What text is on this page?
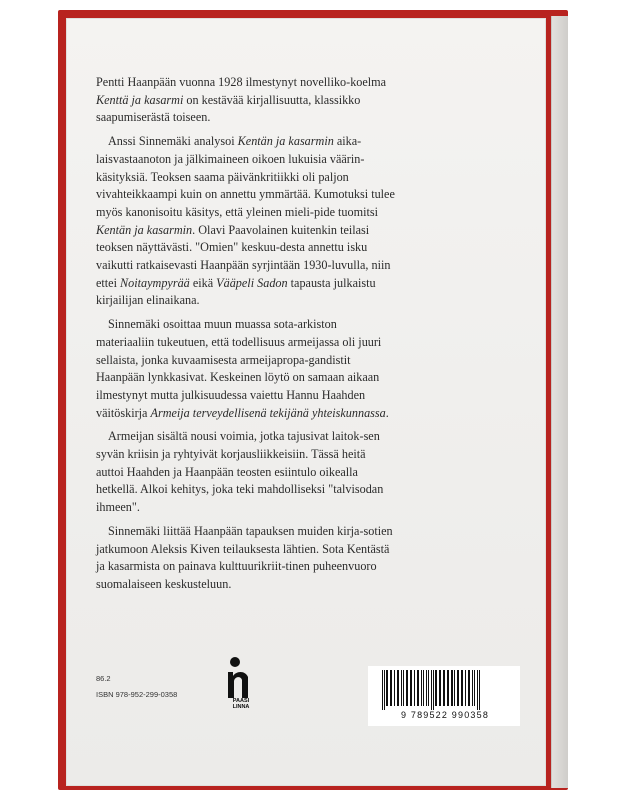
Pentti Haanpään vuonna 1928 ilmestynyt novelliko-koelma Kenttä ja kasarmi on kestävää kirjallisuutta, klassikko saapumiserästä toiseen.

Anssi Sinnemäki analysoi Kentän ja kasarmin aika-laisvastaanoton ja jälkimaineen oikoen lukuisia väärin-käsityksiä. Teoksen saama päivänkritiikki oli paljon vivahteikkaampi kuin on annettu ymmärtää. Kumotuksi tulee myös kanonisoitu käsitys, että yleinen mieli-pide tuomitsi Kentän ja kasarmin. Olavi Paavolainen kuitenkin teilasi teoksen näyttävästi. "Omien" keskuu-desta annettu isku vaikutti ratkaisevasti Haanpään syrjintään 1930-luvulla, niin ettei Noitaympyrää eikä Vääpeli Sadon tapausta julkaistu kirjailijan elinaikana.

Sinnemäki osoittaa muun muassa sota-arkiston materiaaliin tukeutuen, että todellisuus armeijassa oli juuri sellaista, jonka kuvaamisesta armeijapropa-gandistit Haanpään lynkkasivat. Keskeinen löytö on samaan aikaan ilmestynyt mutta julkisuudessa vaiettu Hannu Haahden väitöskirja Armeija terveydellisenä tekijänä yhteiskunnassa.

Armeijan sisältä nousi voimia, jotka tajusivat laitok-sen syvän kriisin ja ryhtyivät korjausliikkeisiin. Tässä heitä auttoi Haahden ja Haanpään teosten esiintulo oikealla hetkellä. Alkoi kehitys, joka teki mahdolliseksi "talvisodan ihmeen".

Sinnemäki liittää Haanpään tapauksen muiden kirja-sotien jatkumoon Aleksis Kiven teilauksesta lähtien. Sota Kentästä ja kasarmista on painava kulttuurikriit-tinen puheenvuoro suomalaiseen keskusteluun.

86.2
ISBN 978-952-299-0358
PAASI
LINNA
9 789522 990358
